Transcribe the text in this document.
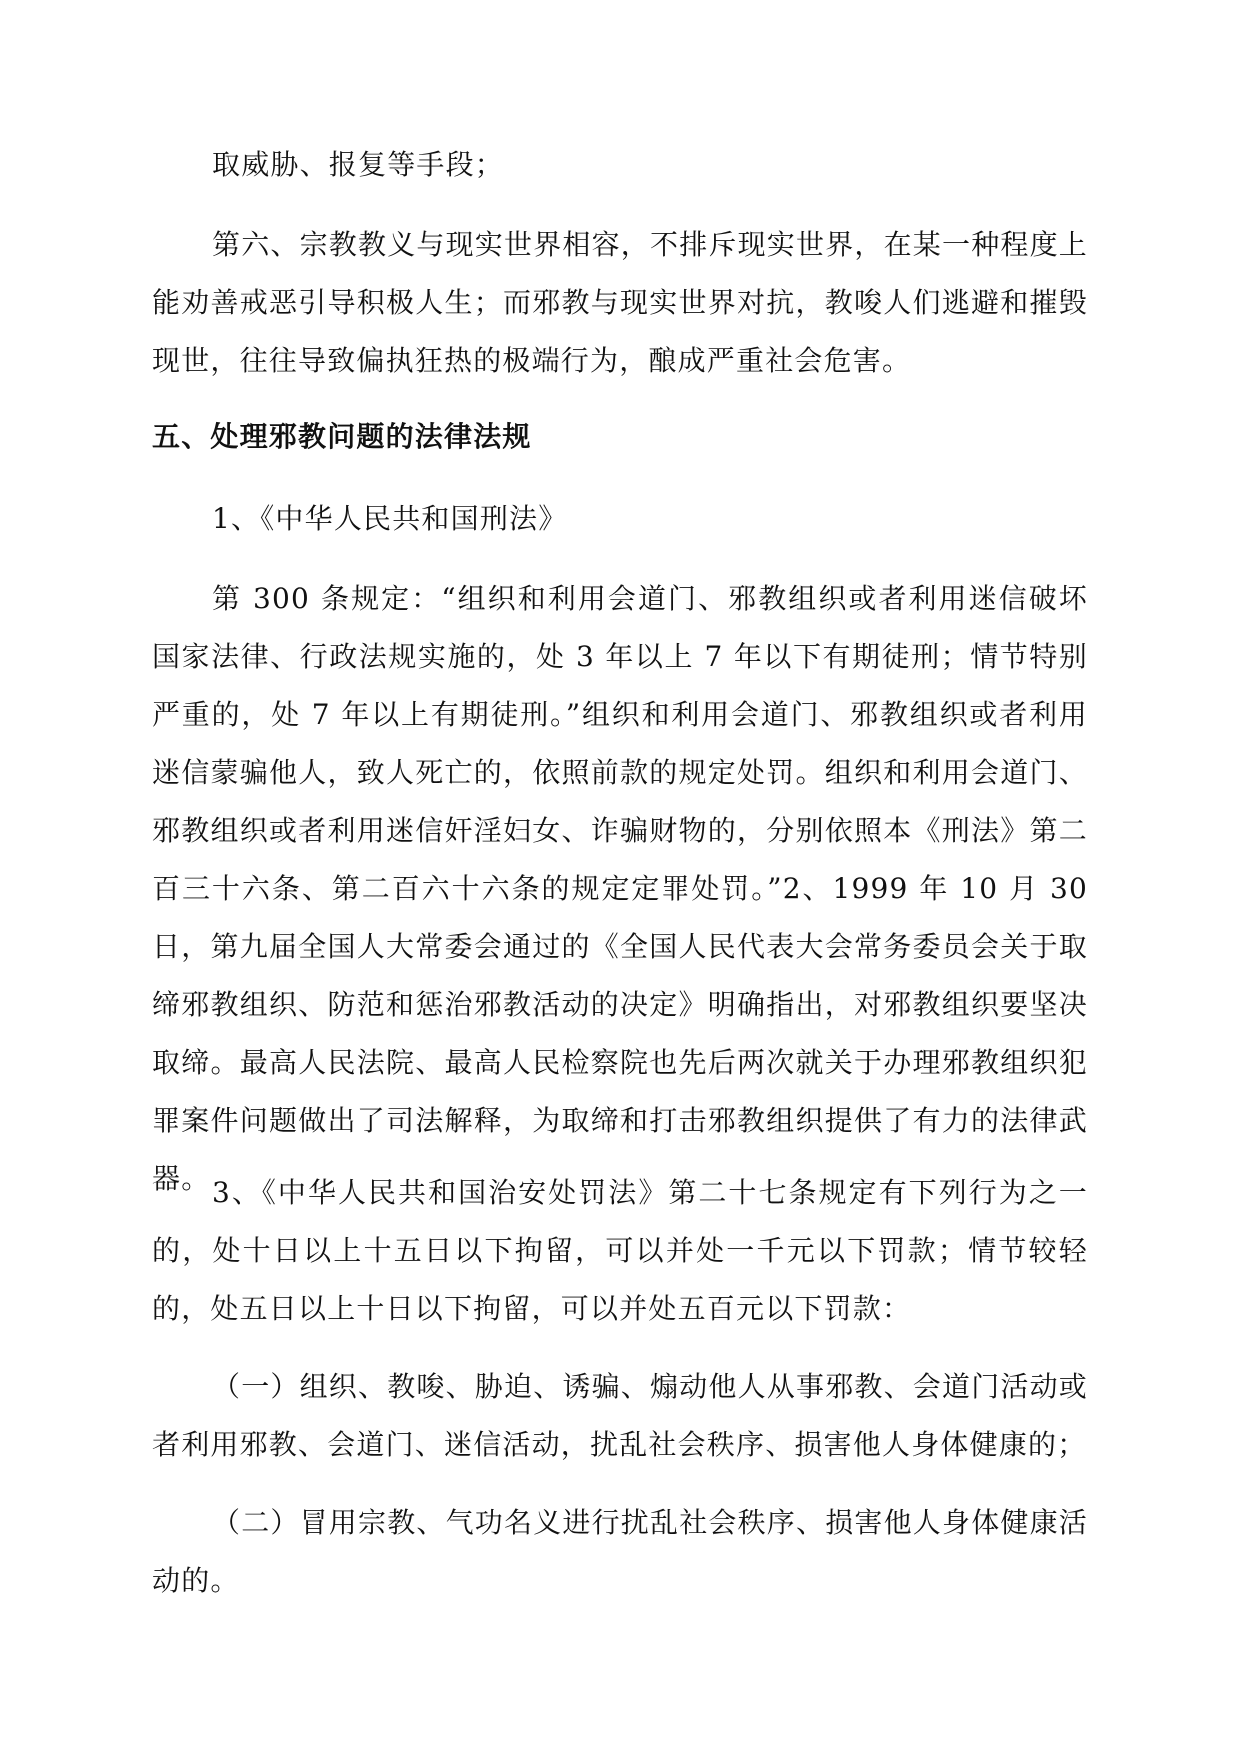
取威胁、报复等手段；

第六、宗教教义与现实世界相容，不排斥现实世界，在某一种程度上能劝善戒恶引导积极人生；而邪教与现实世界对抗，教唆人们逃避和摧毁现世，往往导致偏执狂热的极端行为，酿成严重社会危害。

五、处理邪教问题的法律法规

1、《中华人民共和国刑法》

第 300 条规定：“组织和利用会道门、邪教组织或者利用迷信破坏国家法律、行政法规实施的，处 3 年以上 7 年以下有期徒刑；情节特别严重的，处 7 年以上有期徒刑。”组织和利用会道门、邪教组织或者利用迷信蒙骗他人，致人死亡的，依照前款的规定处罚。组织和利用会道门、邪教组织或者利用迷信奸淫妇女、诈骗财物的，分别依照本《刑法》第二百三十六条、第二百六十六条的规定定罪处罚。”2、1999 年 10 月 30 日，第九届全国人大常委会通过的《全国人民代表大会常务委员会关于取缔邪教组织、防范和惩治邪教活动的决定》明确指出，对邪教组织要坚决取缔。最高人民法院、最高人民检察院也先后两次就关于办理邪教组织犯罪案件问题做出了司法解释，为取缔和打击邪教组织提供了有力的法律武器。 3、《中华人民共和国治安处罚法》第二十七条规定有下列行为之一的，处十日以上十五日以下拘留，可以并处一千元以下罚款；情节较轻的，处五日以上十日以下拘留，可以并处五百元以下罚款：

（一）组织、教唆、胁迫、诱骗、煽动他人从事邪教、会道门活动或者利用邪教、会道门、迷信活动，扰乱社会秩序、损害他人身体健康的；

（二）冒用宗教、气功名义进行扰乱社会秩序、损害他人身体健康活动的。
